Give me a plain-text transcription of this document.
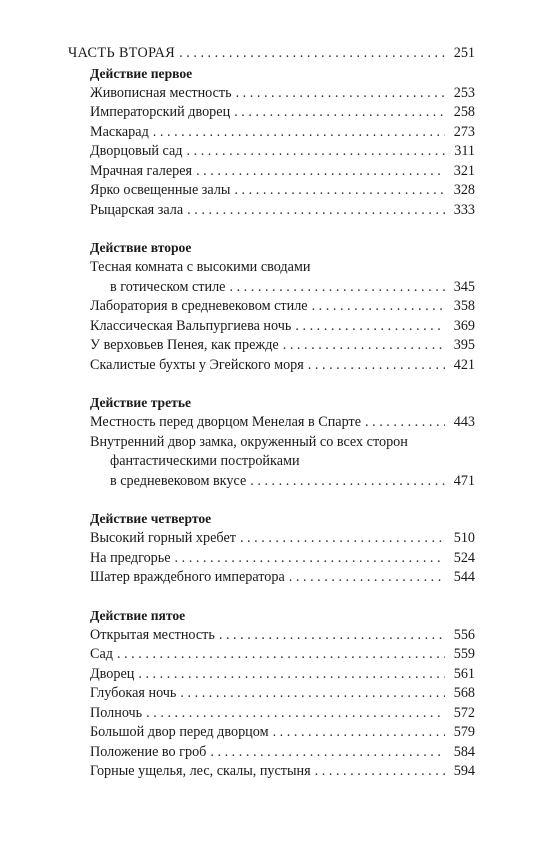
ЧАСТЬ ВТОРАЯ . . .	251
Действие первое
Живописная местность . . .	253
Императорский дворец . . .	258
Маскарад . . .	273
Дворцовый сад . . .	311
Мрачная галерея . . .	321
Ярко освещенные залы . . .	328
Рыцарская зала . . .	333
Действие второе
Тесная комната с высокими сводами
в готическом стиле . . .	345
Лаборатория в средневековом стиле . . .	358
Классическая Вальпургиева ночь . . .	369
У верховьев Пенея, как прежде . . .	395
Скалистые бухты у Эгейского моря . . .	421
Действие третье
Местность перед дворцом Менелая в Спарте . . .	443
Внутренний двор замка, окруженный со всех сторон
фантастическими постройками
в средневековом вкусе . . .	471
Действие четвертое
Высокий горный хребет . . .	510
На предгорье . . .	524
Шатер враждебного императора . . .	544
Действие пятое
Открытая местность . . .	556
Сад . . .	559
Дворец . . .	561
Глубокая ночь . . .	568
Полночь . . .	572
Большой двор перед дворцом . . .	579
Положение во гроб . . .	584
Горные ущелья, лес, скалы, пустыня . . .	594
